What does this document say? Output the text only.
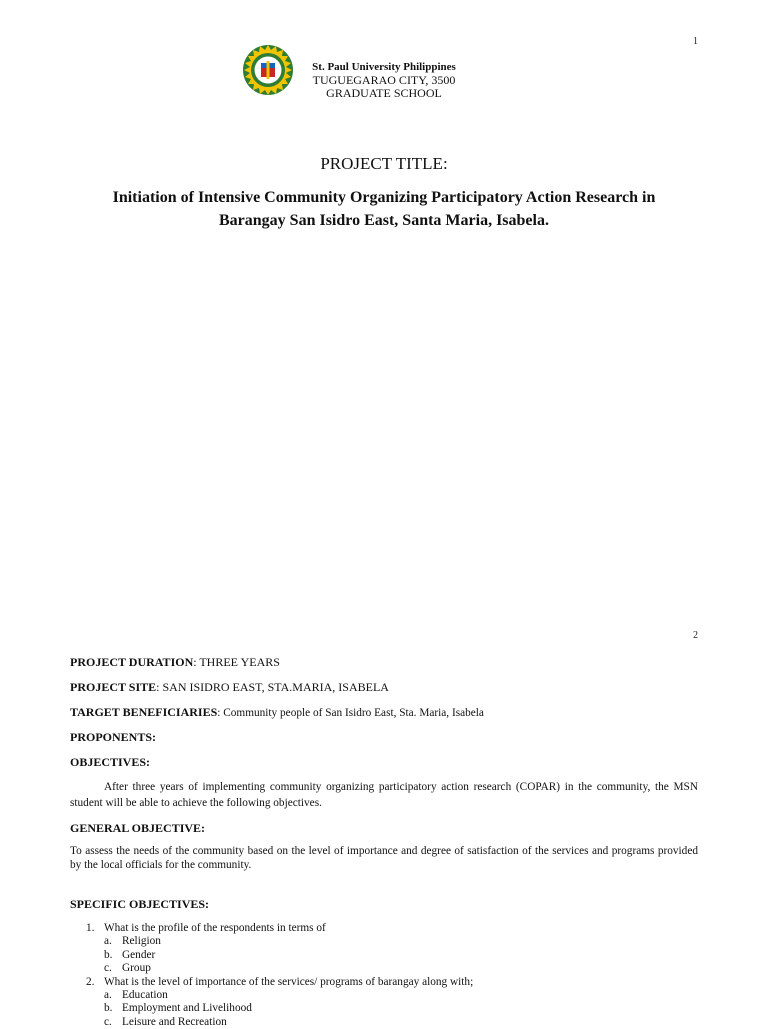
1
St. Paul University Philippines
TUGUEGARAO CITY, 3500
GRADUATE SCHOOL
PROJECT TITLE:
Initiation of Intensive Community Organizing Participatory Action Research in
Barangay San Isidro East, Santa Maria, Isabela.
2
PROJECT DURATION: THREE YEARS
PROJECT SITE: SAN ISIDRO EAST, STA.MARIA, ISABELA
TARGET BENEFICIARIES: Community people of San Isidro East, Sta. Maria, Isabela
PROPONENTS:
OBJECTIVES:
After three years of implementing community organizing participatory action research (COPAR) in the community, the MSN student will be able to achieve the following objectives.
GENERAL OBJECTIVE:
To assess the needs of the community based on the level of importance and degree of satisfaction of the services and programs provided by the local officials for the community.
SPECIFIC OBJECTIVES:
1. What is the profile of the respondents in terms of
a. Religion
b. Gender
c. Group
2. What is the level of importance of the services/ programs of barangay along with;
a. Education
b. Employment and Livelihood
c. Leisure and Recreation
